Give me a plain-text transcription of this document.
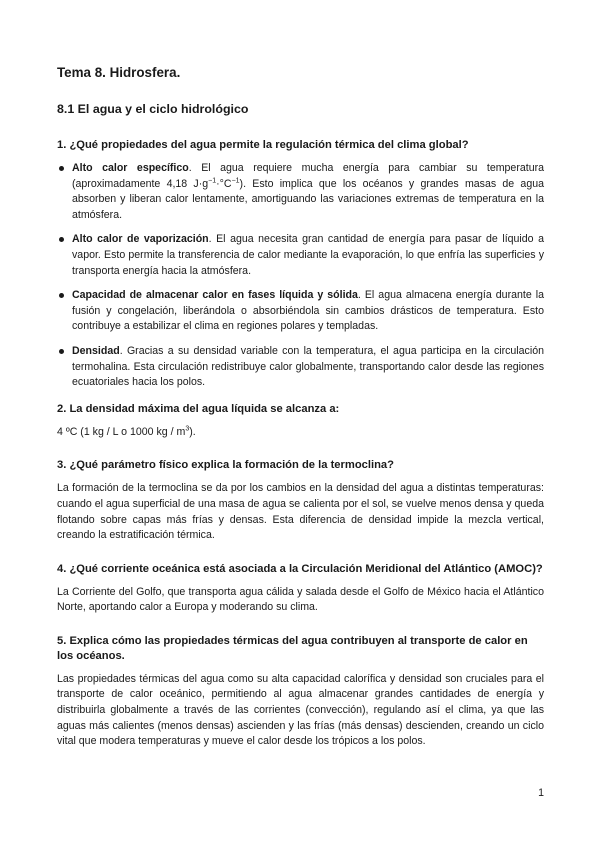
Tema 8. Hidrosfera.
8.1 El agua y el ciclo hidrológico
1. ¿Qué propiedades del agua permite la regulación térmica del clima global?
Alto calor específico. El agua requiere mucha energía para cambiar su temperatura (aproximadamente 4,18 $J\cdot g^{-1}\cdot^\circ C^{-1}$). Esto implica que los océanos y grandes masas de agua absorben y liberan calor lentamente, amortiguando las variaciones extremas de temperatura en la atmósfera.
Alto calor de vaporización. El agua necesita gran cantidad de energía para pasar de líquido a vapor. Esto permite la transferencia de calor mediante la evaporación, lo que enfría las superficies y transporta energía hacia la atmósfera.
Capacidad de almacenar calor en fases líquida y sólida. El agua almacena energía durante la fusión y congelación, liberándola o absorbiéndola sin cambios drásticos de temperatura. Esto contribuye a estabilizar el clima en regiones polares y templadas.
Densidad. Gracias a su densidad variable con la temperatura, el agua participa en la circulación termohalina. Esta circulación redistribuye calor globalmente, transportando calor desde las regiones ecuatoriales hacia los polos.
2. La densidad máxima del agua líquida se alcanza a:

4 ºC (1 kg / L o 1000 kg / $m^3$).

3. ¿Qué parámetro físico explica la formación de la termoclina?

La formación de la termoclina se da por los cambios en la densidad del agua a distintas temperaturas: cuando el agua superficial de una masa de agua se calienta por el sol, se vuelve menos densa y queda flotando sobre capas más frías y densas. Esta diferencia de densidad impide la mezcla vertical, creando la estratificación térmica.

4. ¿Qué corriente oceánica está asociada a la Circulación Meridional del Atlántico (AMOC)?

La Corriente del Golfo, que transporta agua cálida y salada desde el Golfo de México hacia el Atlántico Norte, aportando calor a Europa y moderando su clima.

5. Explica cómo las propiedades térmicas del agua contribuyen al transporte de calor en los océanos.

Las propiedades térmicas del agua como su alta capacidad calorífica y densidad son cruciales para el transporte de calor oceánico, permitiendo al agua almacenar grandes cantidades de energía y distribuirla globalmente a través de las corrientes (convección), regulando así el clima, ya que las aguas más calientes (menos densas) ascienden y las frías (más densas) descienden, creando un ciclo vital que modera temperaturas y mueve el calor desde los trópicos a los polos.

1
